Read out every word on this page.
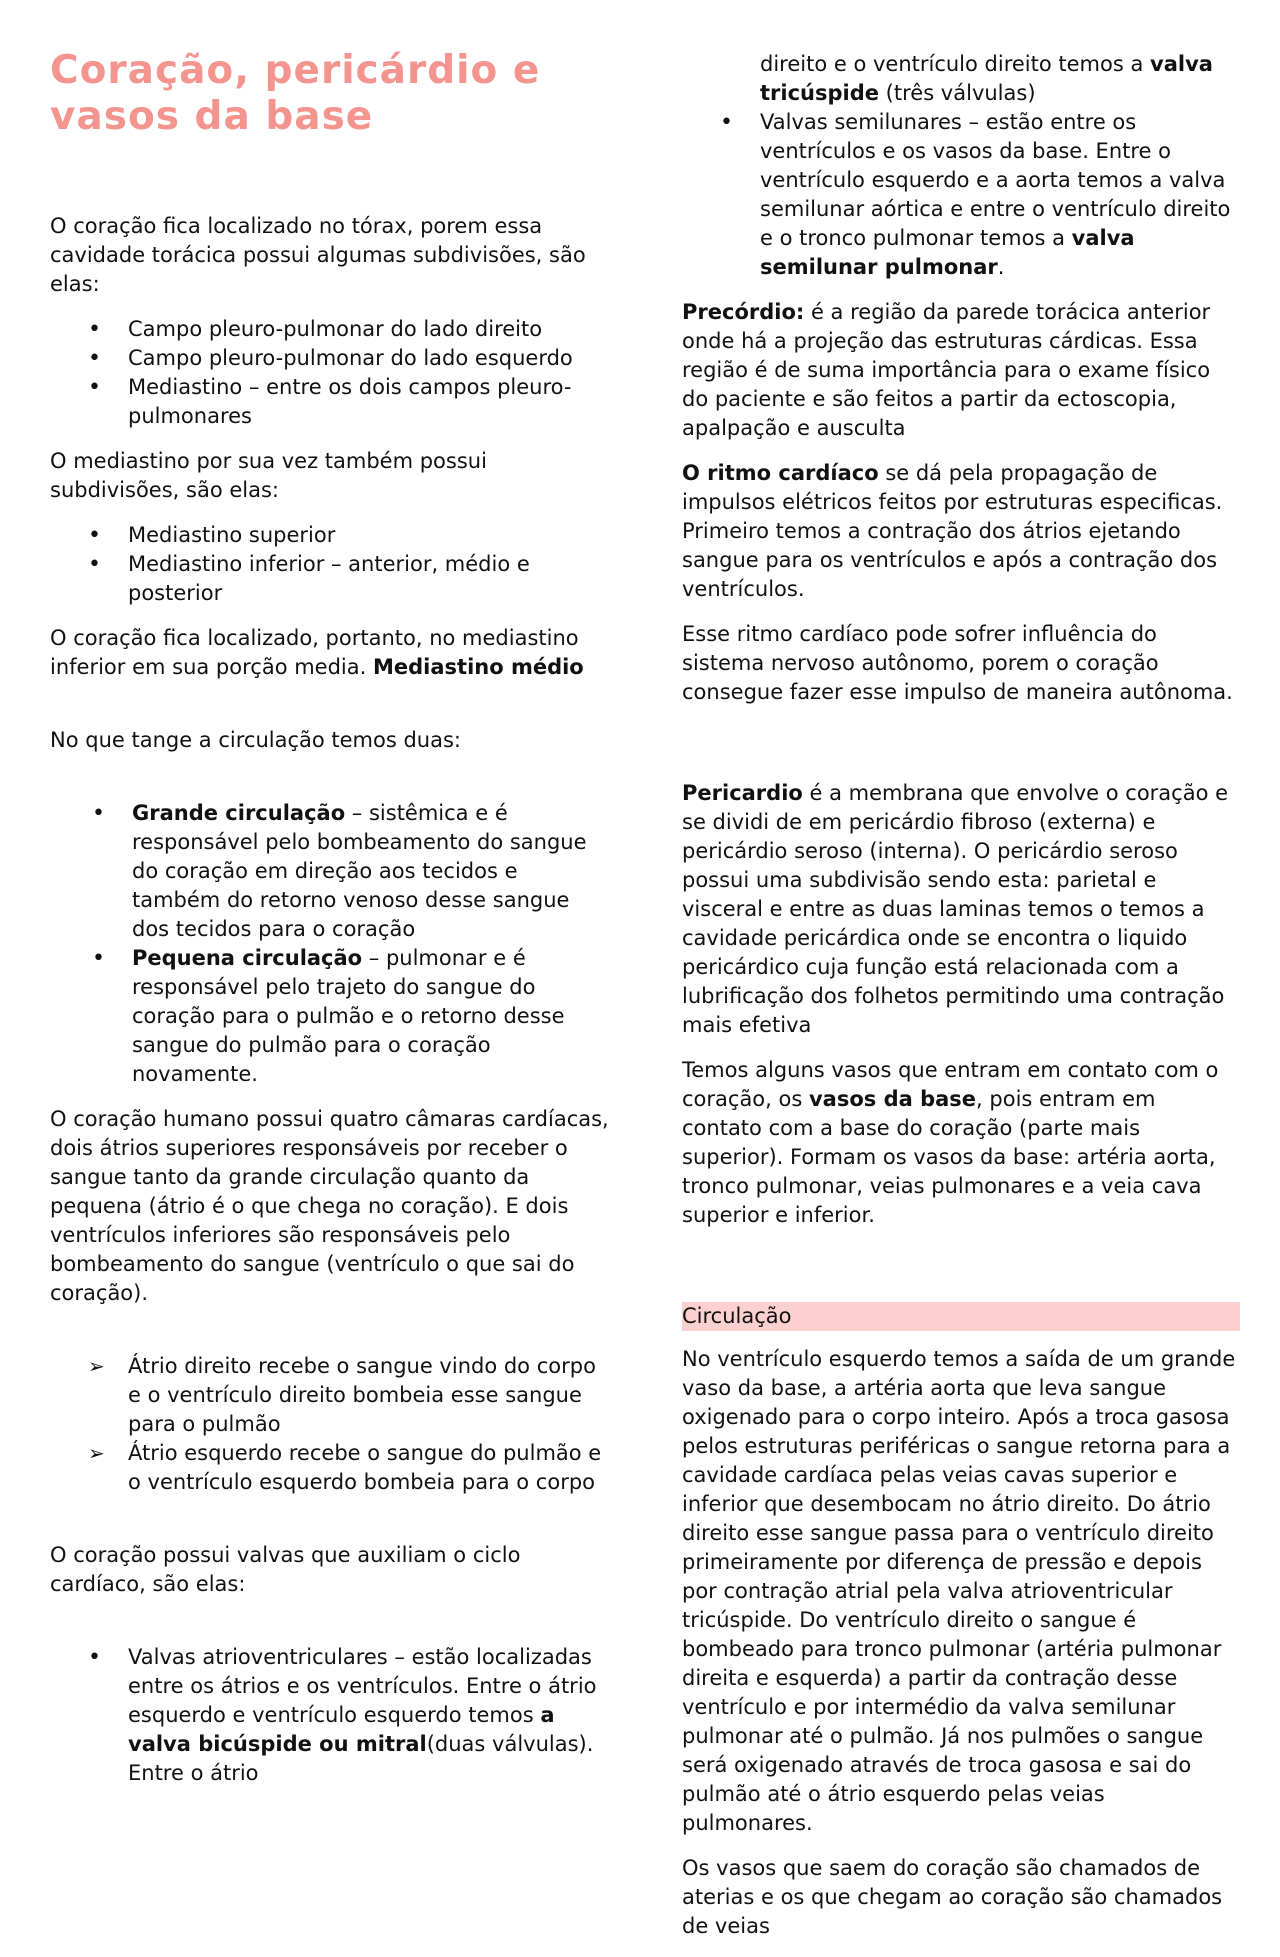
Coração, pericárdio e vasos da base

O coração fica localizado no tórax, porem essa cavidade torácica possui algumas subdivisões, são elas:

• Campo pleuro-pulmonar do lado direito
• Campo pleuro-pulmonar do lado esquerdo
• Mediastino – entre os dois campos pleuro-pulmonares

O mediastino por sua vez também possui subdivisões, são elas:

• Mediastino superior
• Mediastino inferior – anterior, médio e posterior

O coração fica localizado, portanto, no mediastino inferior em sua porção media. Mediastino médio

No que tange a circulação temos duas:

• Grande circulação – sistêmica e é responsável pelo bombeamento do sangue do coração em direção aos tecidos e também do retorno venoso desse sangue dos tecidos para o coração
• Pequena circulação – pulmonar e é responsável pelo trajeto do sangue do coração para o pulmão e o retorno desse sangue do pulmão para o coração novamente.

O coração humano possui quatro câmaras cardíacas, dois átrios superiores responsáveis por receber o sangue tanto da grande circulação quanto da pequena (átrio é o que chega no coração). E dois ventrículos inferiores são responsáveis pelo bombeamento do sangue (ventrículo o que sai do coração).

➢ Átrio direito recebe o sangue vindo do corpo e o ventrículo direito bombeia esse sangue para o pulmão
➢ Átrio esquerdo recebe o sangue do pulmão e o ventrículo esquerdo bombeia para o corpo

O coração possui valvas que auxiliam o ciclo cardíaco, são elas:

• Valvas atrioventriculares – estão localizadas entre os átrios e os ventrículos. Entre o átrio esquerdo e ventrículo esquerdo temos a valva bicúspide ou mitral(duas válvulas). Entre o átrio
direito e o ventrículo direito temos a valva tricúspide (três válvulas)
• Valvas semilunares – estão entre os ventrículos e os vasos da base. Entre o ventrículo esquerdo e a aorta temos a valva semilunar aórtica e entre o ventrículo direito e o tronco pulmonar temos a valva semilunar pulmonar.

Precórdio: é a região da parede torácica anterior onde há a projeção das estruturas cárdicas. Essa região é de suma importância para o exame físico do paciente e são feitos a partir da ectoscopia, apalpação e ausculta

O ritmo cardíaco se dá pela propagação de impulsos elétricos feitos por estruturas especificas. Primeiro temos a contração dos átrios ejetando sangue para os ventrículos e após a contração dos ventrículos.

Esse ritmo cardíaco pode sofrer influência do sistema nervoso autônomo, porem o coração consegue fazer esse impulso de maneira autônoma.

Pericardio é a membrana que envolve o coração e se dividi de em pericárdio fibroso (externa) e pericárdio seroso (interna). O pericárdio seroso possui uma subdivisão sendo esta: parietal e visceral e entre as duas laminas temos o temos a cavidade pericárdica onde se encontra o liquido pericárdico cuja função está relacionada com a lubrificação dos folhetos permitindo uma contração mais efetiva

Temos alguns vasos que entram em contato com o coração, os vasos da base, pois entram em contato com a base do coração (parte mais superior). Formam os vasos da base: artéria aorta, tronco pulmonar, veias pulmonares e a veia cava superior e inferior.

Circulação

No ventrículo esquerdo temos a saída de um grande vaso da base, a artéria aorta que leva sangue oxigenado para o corpo inteiro. Após a troca gasosa pelos estruturas periféricas o sangue retorna para a cavidade cardíaca pelas veias cavas superior e inferior que desembocam no átrio direito. Do átrio direito esse sangue passa para o ventrículo direito primeiramente por diferença de pressão e depois por contração atrial pela valva atrioventricular tricúspide. Do ventrículo direito o sangue é bombeado para tronco pulmonar (artéria pulmonar direita e esquerda) a partir da contração desse ventrículo e por intermédio da valva semilunar pulmonar até o pulmão. Já nos pulmões o sangue será oxigenado através de troca gasosa e sai do pulmão até o átrio esquerdo pelas veias pulmonares.

Os vasos que saem do coração são chamados de aterias e os que chegam ao coração são chamados de veias
